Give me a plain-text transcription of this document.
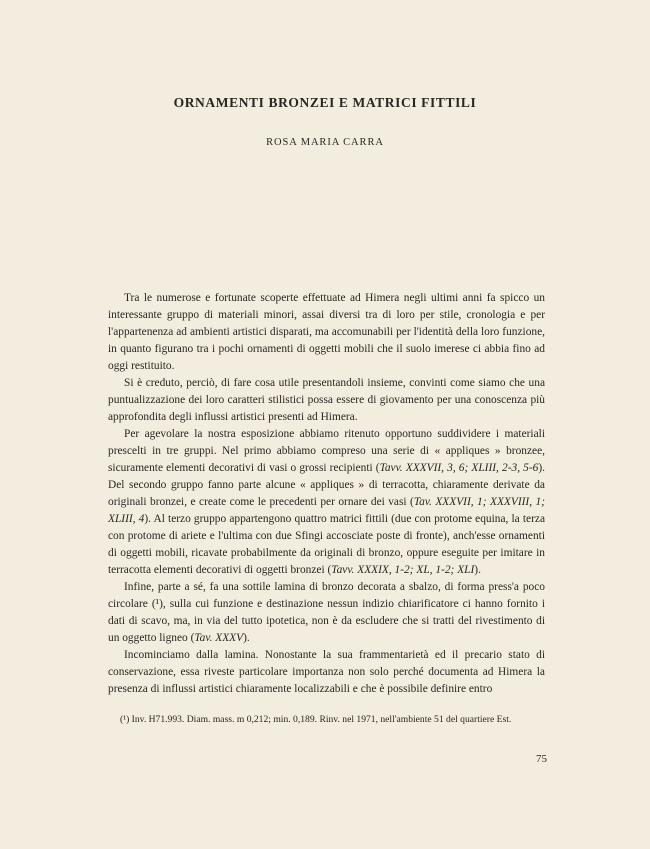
ORNAMENTI BRONZEI E MATRICI FITTILI
ROSA MARIA CARRA

Tra le numerose e fortunate scoperte effettuate ad Himera negli ultimi anni fa spicco un interessante gruppo di materiali minori, assai diversi tra di loro per stile, cronologia e per l'appartenenza ad ambienti artistici disparati, ma accomunabili per l'identità della loro funzione, in quanto figurano tra i pochi ornamenti di oggetti mobili che il suolo imerese ci abbia fino ad oggi restituito.

Si è creduto, perciò, di fare cosa utile presentandoli insieme, convinti come siamo che una puntualizzazione dei loro caratteri stilistici possa essere di giovamento per una conoscenza più approfondita degli influssi artistici presenti ad Himera.

Per agevolare la nostra esposizione abbiamo ritenuto opportuno suddividere i materiali prescelti in tre gruppi. Nel primo abbiamo compreso una serie di « appliques » bronzee, sicuramente elementi decorativi di vasi o grossi recipienti (Tavv. XXXVII, 3, 6; XLIII, 2-3, 5-6). Del secondo gruppo fanno parte alcune « appliques » di terracotta, chiaramente derivate da originali bronzei, e create come le precedenti per ornare dei vasi (Tav. XXXVII, 1; XXXVIII, 1; XLIII, 4). Al terzo gruppo appartengono quattro matrici fittili (due con protome equina, la terza con protome di ariete e l'ultima con due Sfingi accosciate poste di fronte), anch'esse ornamenti di oggetti mobili, ricavate probabilmente da originali di bronzo, oppure eseguite per imitare in terracotta elementi decorativi di oggetti bronzei (Tavv. XXXIX, 1-2; XL, 1-2; XLI).

Infine, parte a sé, fa una sottile lamina di bronzo decorata a sbalzo, di forma press'a poco circolare (¹), sulla cui funzione e destinazione nessun indizio chiarificatore ci hanno fornito i dati di scavo, ma, in via del tutto ipotetica, non è da escludere che si tratti del rivestimento di un oggetto ligneo (Tav. XXXV).

Incominciamo dalla lamina. Nonostante la sua frammentarietà ed il precario stato di conservazione, essa riveste particolare importanza non solo perché documenta ad Himera la presenza di influssi artistici chiaramente localizzabili e che è possibile definire entro

(¹) Inv. H71.993. Diam. mass. m 0,212; min. 0,189. Rinv. nel 1971, nell'ambiente 51 del quartiere Est.
75
